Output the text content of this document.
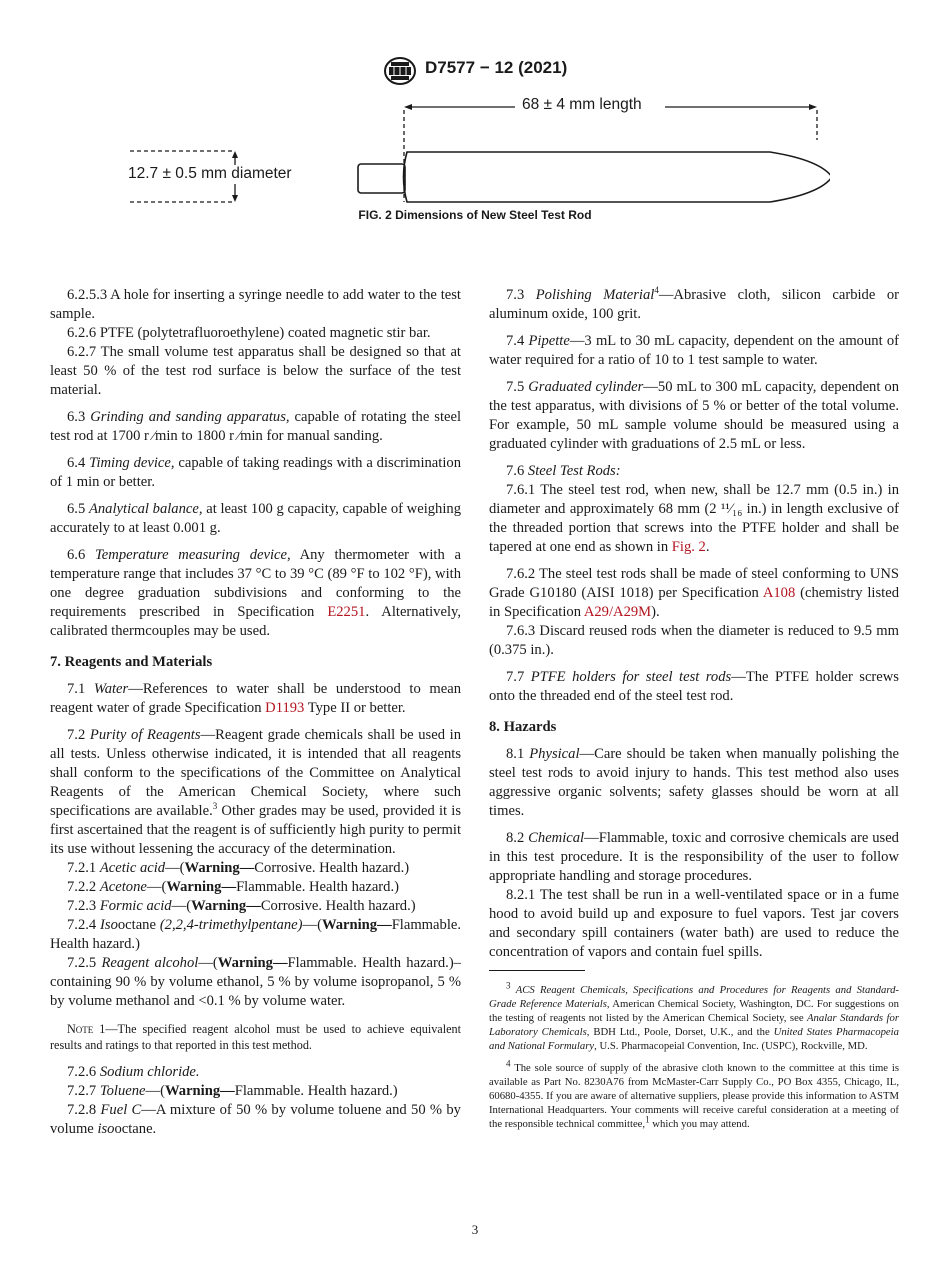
D7577 − 12 (2021)
68 ± 4 mm length
12.7 ± 0.5 mm diameter
FIG. 2 Dimensions of New Steel Test Rod

6.2.5.3 A hole for inserting a syringe needle to add water to the test sample.

6.2.6 PTFE (polytetrafluoroethylene) coated magnetic stir bar.

6.2.7 The small volume test apparatus shall be designed so that at least 50 % of the test rod surface is below the surface of the test material.

6.3 Grinding and sanding apparatus, capable of rotating the steel test rod at 1700 r ⁄min to 1800 r ⁄min for manual sanding.

6.4 Timing device, capable of taking readings with a discrimination of 1 min or better.

6.5 Analytical balance, at least 100 g capacity, capable of weighing accurately to at least 0.001 g.

6.6 Temperature measuring device, Any thermometer with a temperature range that includes 37 °C to 39 °C (89 °F to 102 °F), with one degree graduation subdivisions and conforming to the requirements prescribed in Specification E2251. Alternatively, calibrated thermcouples may be used.

7. Reagents and Materials

7.1 Water—References to water shall be understood to mean reagent water of grade Specification D1193 Type II or better.

7.2 Purity of Reagents—Reagent grade chemicals shall be used in all tests. Unless otherwise indicated, it is intended that all reagents shall conform to the specifications of the Committee on Analytical Reagents of the American Chemical Society, where such specifications are available.$^3$ Other grades may be used, provided it is first ascertained that the reagent is of sufficiently high purity to permit its use without lessening the accuracy of the determination.

7.2.1 Acetic acid—(Warning—Corrosive. Health hazard.)

7.2.2 Acetone—(Warning—Flammable. Health hazard.)

7.2.3 Formic acid—(Warning—Corrosive. Health hazard.)

7.2.4 Isooctane (2,2,4-trimethylpentane)—(Warning—Flammable. Health hazard.)

7.2.5 Reagent alcohol—(Warning—Flammable. Health hazard.)–containing 90 % by volume ethanol, 5 % by volume isopropanol, 5 % by volume methanol and <0.1 % by volume water.

Note 1—The specified reagent alcohol must be used to achieve equivalent results and ratings to that reported in this test method.

7.2.6 Sodium chloride.

7.2.7 Toluene—(Warning—Flammable. Health hazard.)

7.2.8 Fuel C—A mixture of 50 % by volume toluene and 50 % by volume isooctane.

7.3 Polishing Material$^4$—Abrasive cloth, silicon carbide or aluminum oxide, 100 grit.

7.4 Pipette—3 mL to 30 mL capacity, dependent on the amount of water required for a ratio of 10 to 1 test sample to water.

7.5 Graduated cylinder—50 mL to 300 mL capacity, dependent on the test apparatus, with divisions of 5 % or better of the total volume. For example, 50 mL sample volume should be measured using a graduated cylinder with graduations of 2.5 mL or less.

7.6 Steel Test Rods:

7.6.1 The steel test rod, when new, shall be 12.7 mm (0.5 in.) in diameter and approximately 68 mm (2 ¹¹⁄₁₆ in.) in length exclusive of the threaded portion that screws into the PTFE holder and shall be tapered at one end as shown in Fig. 2.

7.6.2 The steel test rods shall be made of steel conforming to UNS Grade G10180 (AISI 1018) per Specification A108 (chemistry listed in Specification A29/A29M).

7.6.3 Discard reused rods when the diameter is reduced to 9.5 mm (0.375 in.).

7.7 PTFE holders for steel test rods—The PTFE holder screws onto the threaded end of the steel test rod.

8. Hazards

8.1 Physical—Care should be taken when manually polishing the steel test rods to avoid injury to hands. This test method also uses aggressive organic solvents; safety glasses should be worn at all times.

8.2 Chemical—Flammable, toxic and corrosive chemicals are used in this test procedure. It is the responsibility of the user to follow appropriate handling and storage procedures.

8.2.1 The test shall be run in a well-ventilated space or in a fume hood to avoid build up and exposure to fuel vapors. Test jar covers and secondary spill containers (water bath) are used to reduce the concentration of vapors and contain fuel spills.

$^3$ ACS Reagent Chemicals, Specifications and Procedures for Reagents and Standard-Grade Reference Materials, American Chemical Society, Washington, DC. For suggestions on the testing of reagents not listed by the American Chemical Society, see Analar Standards for Laboratory Chemicals, BDH Ltd., Poole, Dorset, U.K., and the United States Pharmacopeia and National Formulary, U.S. Pharmacopeial Convention, Inc. (USPC), Rockville, MD.

$^4$ The sole source of supply of the abrasive cloth known to the committee at this time is available as Part No. 8230A76 from McMaster-Carr Supply Co., PO Box 4355, Chicago, IL, 60680-4355. If you are aware of alternative suppliers, please provide this information to ASTM International Headquarters. Your comments will receive careful consideration at a meeting of the responsible technical committee,$^1$ which you may attend.

3
